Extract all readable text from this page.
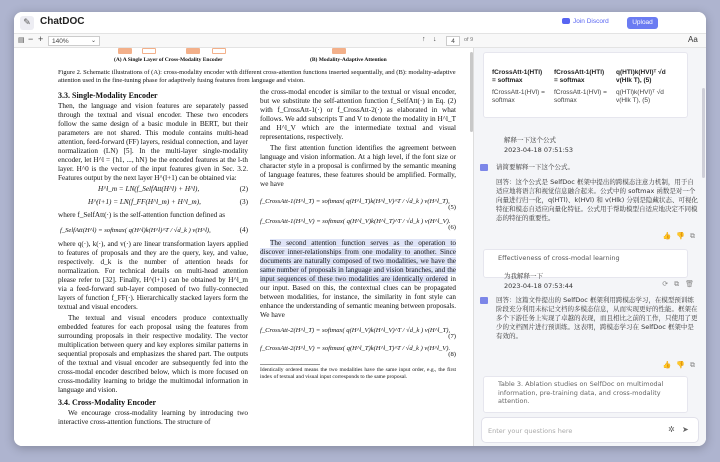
✎ ChatDOC	Join Discord	Upload
▤ − +	140%	⌄	↑ ↓	4	of 9	Aa
(A) A Single Layer of Cross-Modality Encoder	(B) Modality-Adaptive Attention
Figure 2. Schematic illustrations of (A): cross-modality encoder with different cross-attention functions inserted sequentially, and (B): modality-adaptive attention used in the fine-tuning phase for adaptively fusing features from language and vision.
3.3. Single-Modality Encoder

Then, the language and vision features are separately passed through the textual and visual encoder. These two encoders follow the same design of a basic module in BERT, but their parameters are not shared. This module contains multi-head attention, feed-forward (FF) layers, residual connection, and layer normalization (LN) [5]. In the multi-layer single-modality encoder, let H^l = {h1, ..., hN} be the encoded features at the l-th layer. H^0 is the vector of the input features given in Sec. 3.2. Features output by the next layer H^(l+1) can be obtained via:

H^l_m = LN(f_SelfAtt(H^l) + H^l),	(2)
H^(l+1) = LN(f_FF(H^l_m) + H^l_m),	(3)

where f_SelfAtt(·) is the self-attention function defined as

f_SelfAtt(H^l) = softmax( q(H^l)k(H^l)^T / √d_k ) v(H^l),	(4)

where q(·), k(·), and v(·) are linear transformation layers applied to features of proposals and they are the query, key, and value, respectively. d_k is the number of attention heads for normalization. For technical details on multi-head attention please refer to [32]. Finally, H^(l+1) can be obtained by H^l_m via a feed-forward sub-layer composed of two fully-connected layers of function f_FF(·). Hierarchically stacked layers form the textual and visual encoders.

The textual and visual encoders produce contextually embedded features for each proposal using the features from surrounding proposals in their respective modality. The vector multiplication between query and key explores similar patterns in sequential proposals and emphasizes the shared part. The outputs of the textual and visual encoder are subsequently fed into the cross-modal encoder described below, which is more focused on cross-modality learning to bridge the multimodal information in language and vision.

3.4. Cross-Modality Encoder

We encourage cross-modality learning by introducing two interactive cross-attention functions. The structure of

the cross-modal encoder is similar to the textual or visual encoder, but we substitute the self-attention function f_SelfAtt(·) in Eq. (2) with f_CrossAtt-1(·) or f_CrossAtt-2(·) as elaborated in what follows. We add subscripts T and V to denote the modality in H^l_T and H^l_V which are the intermediate textual and visual representations, respectively.

The first attention function identifies the agreement between language and vision information. At a high level, if the font size or character style in a proposal is confirmed by the semantic meaning of language features, these features should be amplified. Formally, we have

f_CrossAtt-1(H^l_T) = softmax( q(H^l_T)k(H^l_V)^T / √d_k ) v(H^l_T),
(5)
f_CrossAtt-1(H^l_V) = softmax( q(H^l_V)k(H^l_T)^T / √d_k ) v(H^l_V).
(6)

The second attention function serves as the operation to discover inner-relationships from one modality to another. Since documents are naturally composed of two modalities, we have the same number of proposals in language and vision branches, and the input sequences of these two modalities are identically ordered in our input. Based on this, the contextual clues can be propagated between modalities, for instance, the similarity in font style can enhance the understanding of semantic meaning between proposals. We have

f_CrossAtt-2(H^l_T) = softmax( q(H^l_V)k(H^l_V)^T / √d_k ) v(H^l_T),
(7)
f_CrossAtt-2(H^l_V) = softmax( q(H^l_T)k(H^l_T)^T / √d_k ) v(H^l_V).
(8)

Identically ordered means the two modalities have the same input order, e.g., the first index of textual and visual input corresponds to the same proposal.

fCrossAtt-1(HTl) = softmax	fCrossAtt-1(HTl) = softmax	q(HTl)k(HVl)ᵀ √d v(Hlk T), (5)
fCrossAtt-1(HVl) = softmax	fCrossAtt-1(HVl) = softmax	q(HTl)k(HVl)ᵀ √d v(Hlk T), (5)
解释一下这个公式
2023-04-18 07:51:53
请简要解释一下这个公式。
回答：这个公式是 SelfDoc 框架中提出的跨模态注意力机制，用于自适应地将语言和视觉信息融合起来。公式中的 softmax 函数是对一个向量进行归一化，q(HTl)、k(HVl) 和 v(Hlk) 分别是隐藏状态、可视化特征和模态自适应向量化特征。公式用于帮助模型自适应地决定不同模态的特征的重要性。
👍👎⧉
Effectiveness of cross-modal learning
为我解释一下
2023-04-18 07:53:44	⟳⧉🗑
回答：这篇文件提出的 SelfDoc 框架利用跨模态学习，在模型预训练阶段充分利用未标记文档的多模态信息，从而实现更好的性能。框架在多个下游任务上实现了卓越的表现，而且相比之前的工作，只使用了更少的文档图片进行预训练。这表明，跨模态学习在 SelfDoc 框架中是有效的。
👍👎⧉
Table 3. Ablation studies on SelfDoc on multimodal information, pre-training data, and cross-modality attention.
Enter your questions here	✲ ➤
